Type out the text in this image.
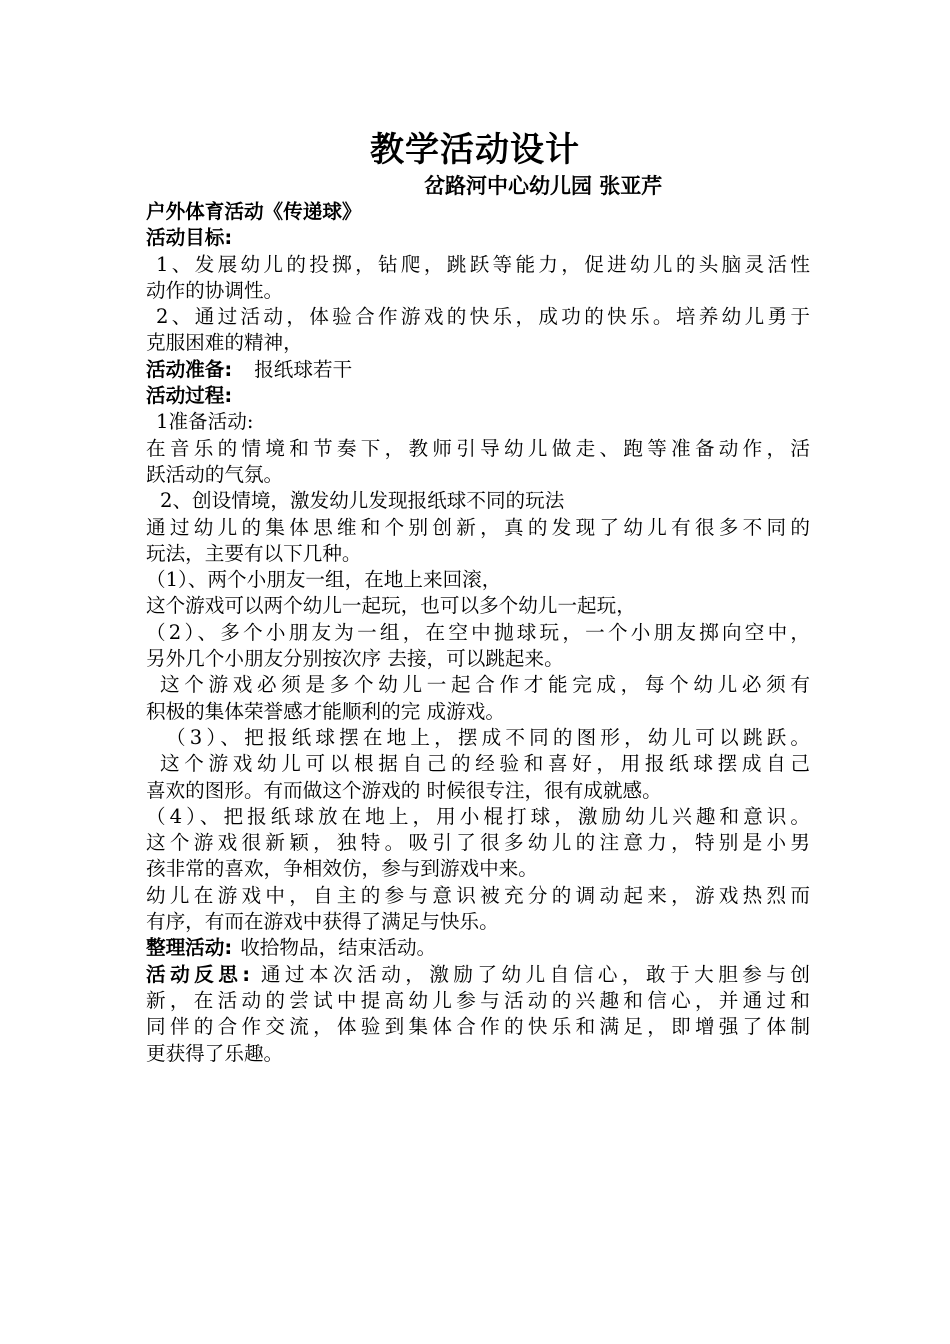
教学活动设计
岔路河中心幼儿园 张亚芹
户外体育活动《传递球》
活动目标:
1、发展幼儿的投掷，钻爬，跳跃等能力，促进幼儿的头脑灵活性
动作的协调性。
2、通过活动，体验合作游戏的快乐，成功的快乐。培养幼儿勇于
克服困难的精神，
活动准备: 报纸球若干
活动过程:
1准备活动:
在音乐的情境和节奏下，教师引导幼儿做走、跑等准备动作，活
跃活动的气氛。
2、创设情境，激发幼儿发现报纸球不同的玩法
通过幼儿的集体思维和个别创新，真的发现了幼儿有很多不同的
玩法，主要有以下几种。
（1）、两个小朋友一组，在地上来回滚，
这个游戏可以两个幼儿一起玩，也可以多个幼儿一起玩，
（2）、多个小朋友为一组，在空中抛球玩，一个小朋友掷向空中，
另外几个小朋友分别按次序 去接，可以跳起来。
这个游戏必须是多个幼儿一起合作才能完成，每个幼儿必须有
积极的集体荣誉感才能顺利的完 成游戏。
（3）、把报纸球摆在地上，摆成不同的图形，幼儿可以跳跃。
这个游戏幼儿可以根据自己的经验和喜好，用报纸球摆成自己
喜欢的图形。有而做这个游戏的 时候很专注，很有成就感。
（4）、把报纸球放在地上，用小棍打球，激励幼儿兴趣和意识。
这个游戏很新颖，独特。吸引了很多幼儿的注意力，特别是小男
孩非常的喜欢，争相效仿，参与到游戏中来。
幼儿在游戏中，自主的参与意识被充分的调动起来，游戏热烈而
有序，有而在游戏中获得了满足与快乐。
整理活动: 收拾物品，结束活动。
活动反思: 通过本次活动，激励了幼儿自信心，敢于大胆参与创
新，在活动的尝试中提高幼儿参与活动的兴趣和信心，并通过和
同伴的合作交流，体验到集体合作的快乐和满足，即增强了体制
更获得了乐趣。
